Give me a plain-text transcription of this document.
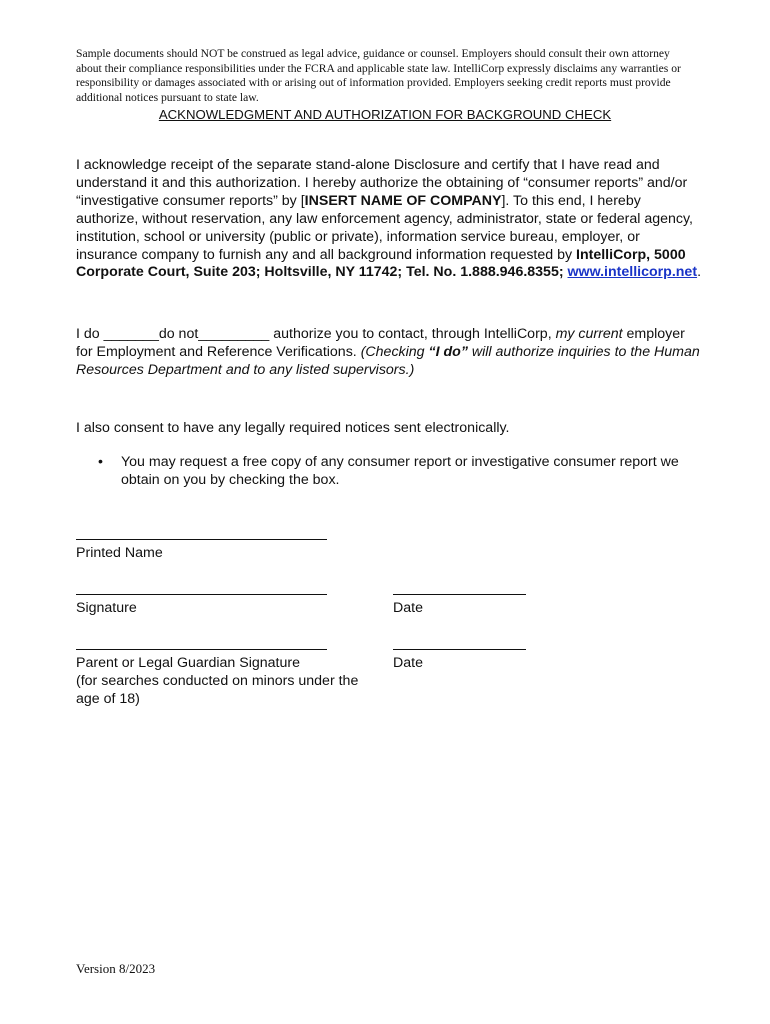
Sample documents should NOT be construed as legal advice, guidance or counsel. Employers should consult their own attorney about their compliance responsibilities under the FCRA and applicable state law. IntelliCorp expressly disclaims any warranties or responsibility or damages associated with or arising out of information provided. Employers seeking credit reports must provide additional notices pursuant to state law.
ACKNOWLEDGMENT AND AUTHORIZATION FOR BACKGROUND CHECK
I acknowledge receipt of the separate stand-alone Disclosure and certify that I have read and understand it and this authorization. I hereby authorize the obtaining of “consumer reports” and/or “investigative consumer reports” by [INSERT NAME OF COMPANY]. To this end, I hereby authorize, without reservation, any law enforcement agency, administrator, state or federal agency, institution, school or university (public or private), information service bureau, employer, or insurance company to furnish any and all background information requested by IntelliCorp, 5000 Corporate Court, Suite 203; Holtsville, NY 11742; Tel. No. 1.888.946.8355; www.intellicorp.net.
I do _______do not_________ authorize you to contact, through IntelliCorp, my current employer for Employment and Reference Verifications. (Checking “I do” will authorize inquiries to the Human Resources Department and to any listed supervisors.)
I also consent to have any legally required notices sent electronically.
• You may request a free copy of any consumer report or investigative consumer report we obtain on you by checking the box.
Printed Name
Signature	Date
Parent or Legal Guardian Signature
(for searches conducted on minors under the age of 18)
Date
Version 8/2023
